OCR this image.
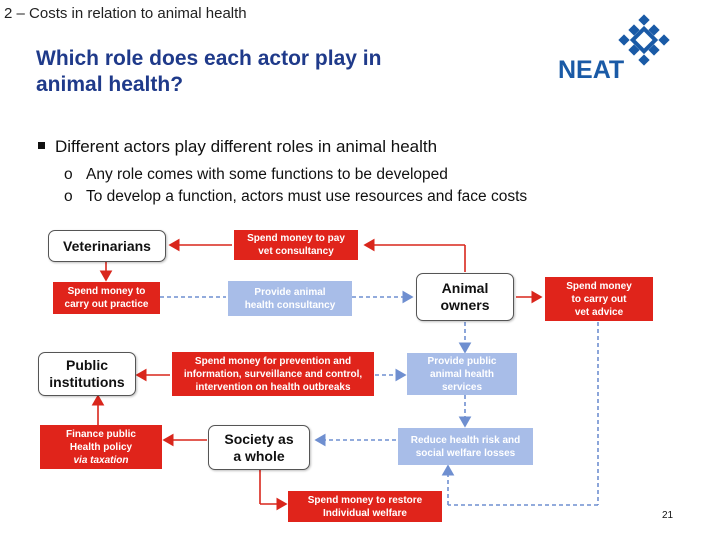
2 – Costs in relation to animal health
Which role does each actor play in
animal health?
NEAT
Different actors play different roles in animal health
o Any role comes with some functions to be developed
o To develop a function, actors must use resources and face costs
Veterinarians
Animal
owners
Public
institutions
Society as
a whole
Spend money to pay
vet consultancy
Spend money to
carry out practice
Spend money
to carry out
vet advice
Spend money for prevention and
information, surveillance and control,
intervention on health outbreaks
Finance public
Health policy
via taxation
Spend money to restore
Individual welfare
Provide animal
health consultancy
Provide public
animal health
services
Reduce health risk and
social welfare losses
21
